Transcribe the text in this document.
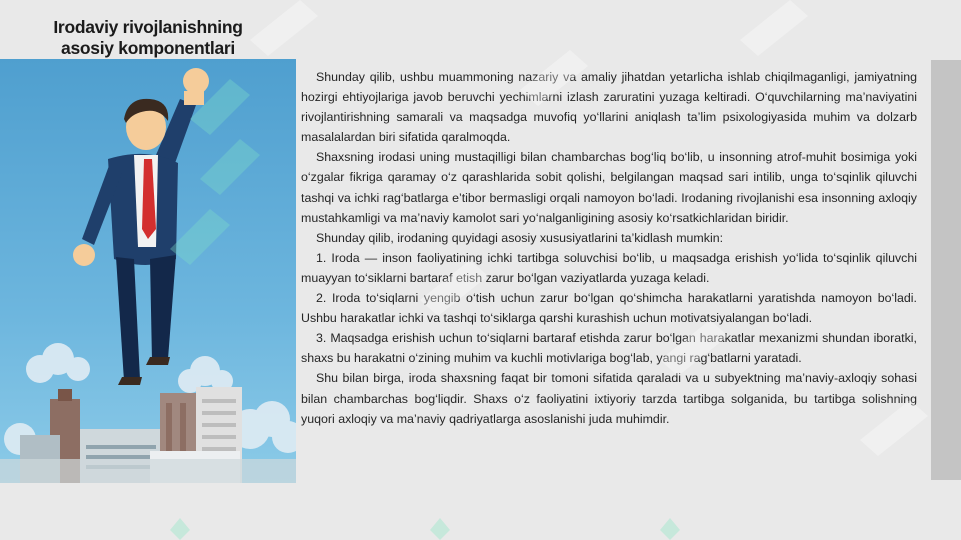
Irodaviy rivojlanishning
asosiy komponentlari

Shunday qilib, ushbu muammoning nazariy va amaliy jihatdan yetarlicha ishlab chiqilmaganligi, jamiyatning hozirgi ehtiyojlariga javob beruvchi yechimlarni izlash zaruratini yuzaga keltiradi. O‘quvchilarning ma’naviyatini rivojlantirishning samarali va maqsadga muvofiq yo‘llarini aniqlash ta’lim psixologiyasida muhim va dolzarb masalalardan biri sifatida qaralmoqda.

Shaxsning irodasi uning mustaqilligi bilan chambarchas bog‘liq bo‘lib, u insonning atrof-muhit bosimiga yoki o‘zgalar fikriga qaramay o‘z qarashlarida sobit qolishi, belgilangan maqsad sari intilib, unga to‘sqinlik qiluvchi tashqi va ichki rag‘batlarga e’tibor bermasligi orqali namoyon bo‘ladi. Irodaning rivojlanishi esa insonning axloqiy mustahkamligi va ma’naviy kamolot sari yo‘nalganligining asosiy ko‘rsatkichlaridan biridir.

Shunday qilib, irodaning quyidagi asosiy xususiyatlarini ta’kidlash mumkin:

1. Iroda — inson faoliyatining ichki tartibga soluvchisi bo‘lib, u maqsadga erishish yo‘lida to‘sqinlik qiluvchi muayyan to‘siklarni bartaraf etish zarur bo‘lgan vaziyatlarda yuzaga keladi.

2. Iroda to‘siqlarni yengib o‘tish uchun zarur bo‘lgan qo‘shimcha harakatlarni yaratishda namoyon bo‘ladi. Ushbu harakatlar ichki va tashqi to‘siklarga qarshi kurashish uchun motivatsiyalangan bo‘ladi.

3. Maqsadga erishish uchun to‘siqlarni bartaraf etishda zarur bo‘lgan harakatlar mexanizmi shundan iboratki, shaxs bu harakatni o‘zining muhim va kuchli motivlariga bog‘lab, yangi rag‘batlarni yaratadi.

Shu bilan birga, iroda shaxsning faqat bir tomoni sifatida qaraladi va u subyektning ma’naviy-axloqiy sohasi bilan chambarchas bog‘liqdir. Shaxs o‘z faoliyatini ixtiyoriy tarzda tartibga solganida, bu tartibga solishning yuqori axloqiy va ma’naviy qadriyatlarga asoslanishi juda muhimdir.
